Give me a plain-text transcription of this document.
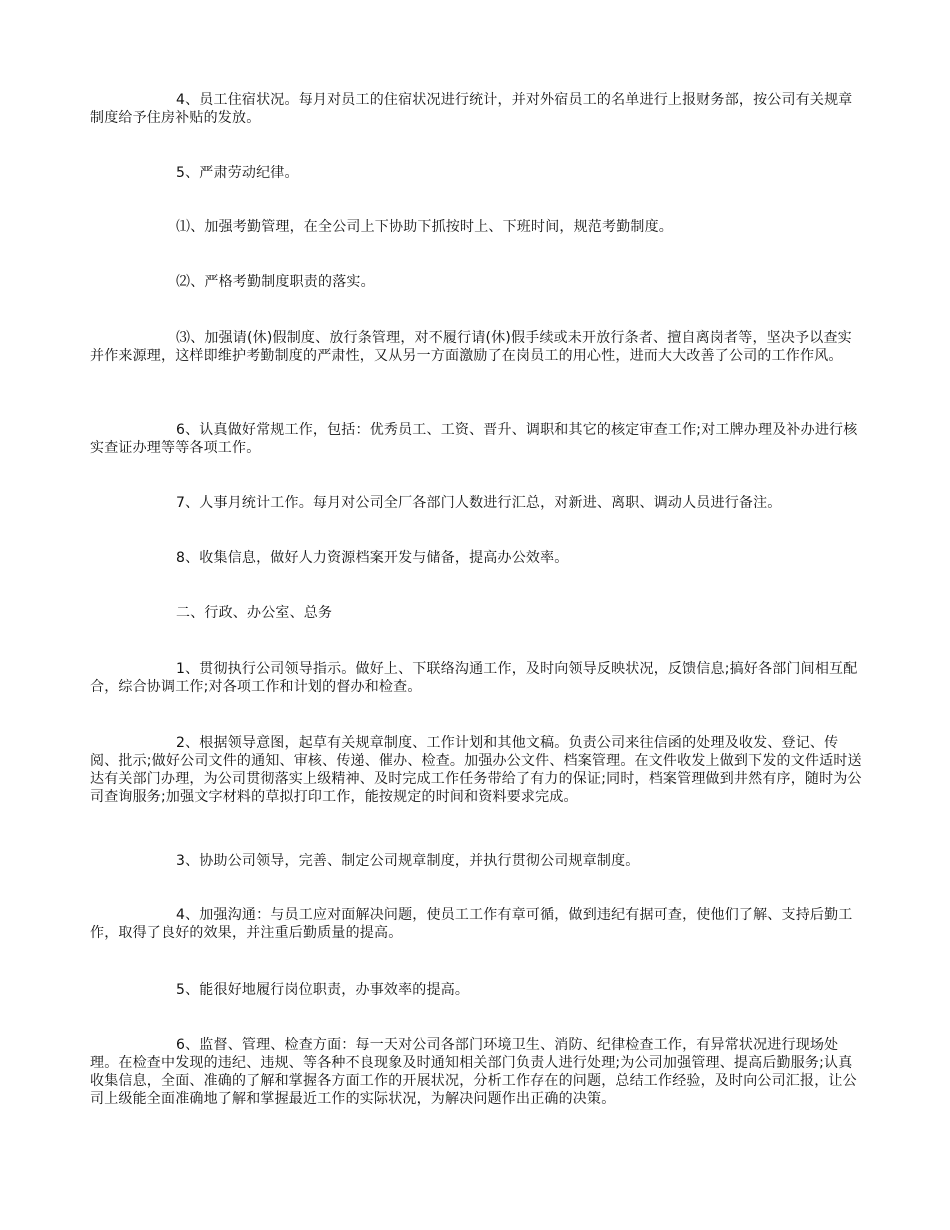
4、员工住宿状况。每月对员工的住宿状况进行统计，并对外宿员工的名单进行上报财务部，按公司有关规章制度给予住房补贴的发放。

5、严肃劳动纪律。

⑴、加强考勤管理，在全公司上下协助下抓按时上、下班时间，规范考勤制度。

⑵、严格考勤制度职责的落实。

⑶、加强请(休)假制度、放行条管理，对不履行请(休)假手续或未开放行条者、擅自离岗者等，坚决予以查实并作来源理，这样即维护考勤制度的严肃性，又从另一方面激励了在岗员工的用心性，进而大大改善了公司的工作作风。

6、认真做好常规工作，包括：优秀员工、工资、晋升、调职和其它的核定审查工作;对工牌办理及补办进行核实查证办理等等各项工作。

7、人事月统计工作。每月对公司全厂各部门人数进行汇总，对新进、离职、调动人员进行备注。

8、收集信息，做好人力资源档案开发与储备，提高办公效率。

二、行政、办公室、总务

1、贯彻执行公司领导指示。做好上、下联络沟通工作，及时向领导反映状况，反馈信息;搞好各部门间相互配合，综合协调工作;对各项工作和计划的督办和检查。

2、根据领导意图，起草有关规章制度、工作计划和其他文稿。负责公司来往信函的处理及收发、登记、传阅、批示;做好公司文件的通知、审核、传递、催办、检查。加强办公文件、档案管理。在文件收发上做到下发的文件适时送达有关部门办理，为公司贯彻落实上级精神、及时完成工作任务带给了有力的保证;同时，档案管理做到井然有序，随时为公司查询服务;加强文字材料的草拟打印工作，能按规定的时间和资料要求完成。

3、协助公司领导，完善、制定公司规章制度，并执行贯彻公司规章制度。

4、加强沟通：与员工应对面解决问题，使员工工作有章可循，做到违纪有据可查，使他们了解、支持后勤工作，取得了良好的效果，并注重后勤质量的提高。

5、能很好地履行岗位职责，办事效率的提高。

6、监督、管理、检查方面：每一天对公司各部门环境卫生、消防、纪律检查工作，有异常状况进行现场处理。在检查中发现的违纪、违规、等各种不良现象及时通知相关部门负责人进行处理;为公司加强管理、提高后勤服务;认真收集信息，全面、准确的了解和掌握各方面工作的开展状况，分析工作存在的问题，总结工作经验，及时向公司汇报，让公司上级能全面准确地了解和掌握最近工作的实际状况，为解决问题作出正确的决策。
